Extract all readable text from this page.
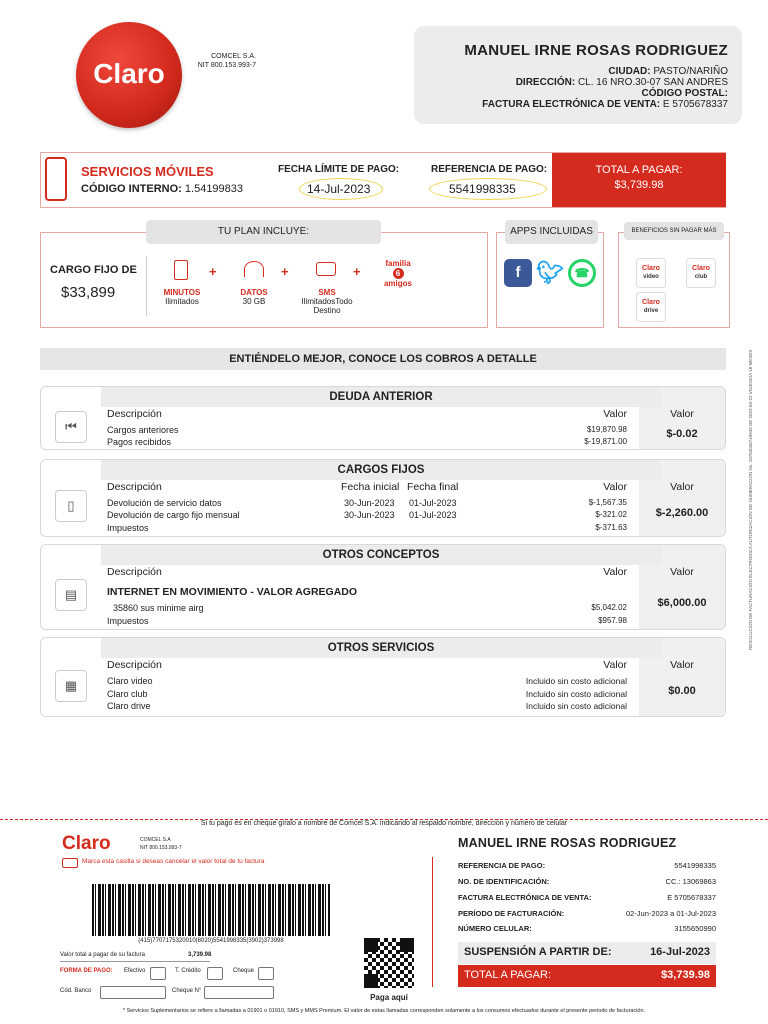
Claro
COMCEL S.A.
NIT 800.153.993-7
MANUEL IRNE ROSAS RODRIGUEZ
CIUDAD: PASTO/NARIÑO
DIRECCIÓN: CL. 16 NRO.30-07 SAN ANDRES
CÓDIGO POSTAL:
FACTURA ELECTRÓNICA DE VENTA: E 5705678337
SERVICIOS MÓVILES
CÓDIGO INTERNO: 1.54199833
FECHA LÍMITE DE PAGO:
14-Jul-2023
REFERENCIA DE PAGO:
5541998335
TOTAL A PAGAR:
$3,739.98
TU PLAN INCLUYE:
CARGO FIJO DE
$33,899	MINUTOS
Ilimitados
+
DATOS
30 GB
+
SMS
IlimitadosTodo Destino
+
familia
6
amigos
APPS INCLUIDAS
f 🐦︎ ☎
BENEFICIOS SIN PAGAR MÁS
Claro
video
Claro
club
Claro
drive
ENTIÉNDELO MEJOR, CONOCE LOS COBROS A DETALLE
DEUDA ANTERIOR
⏮
Descripción	Valor	Valor
Cargos anteriores	$19,870.98
Pagos recibidos	$-19,871.00
$-0.02
CARGOS FIJOS
▯
Descripción	Fecha inicial Fecha final	Valor	Valor
Devolución de servicio datos	30-Jun-2023 01-Jul-2023	$-1,567.35
Devolución de cargo fijo mensual	30-Jun-2023 01-Jul-2023	$-321.02
Impuestos	$-371.63
$-2,260.00
OTROS CONCEPTOS
▤
Descripción	Valor	Valor
INTERNET EN MOVIMIENTO - VALOR AGREGADO
35860 sus minime airg	$5,042.02
Impuestos	$957.98
$6,000.00
OTROS SERVICIOS
▦
Descripción	Valor	Valor
Claro video	Incluido sin costo adicional
Claro club	Incluido sin costo adicional
Claro drive	Incluido sin costo adicional
$0.00
RESOLUCIÓN DE FACTURACIÓN ELECTRÓNICA AUTORIZACIÓN DE NUMERACIÓN No. 18764046749949 DE 2023-03-23 VIGENCIA 18 MESES
Si tu pago es en cheque gíralo a nombre de Comcel S.A. indicando al respaldo nombre, dirección y número de celular
Claro	COMCEL S.A
NIT 800.153.993-7
Marca esta casilla si deseas cancelar el valor total de tu factura
(415)7707175320010(8020)5541998335(3902)373998
Valor total a pagar de su factura	3,739.98
FORMA DE PAGO: Efectivo	T. Crédito	Cheque
Cód. Banco	Cheque N°
Paga aquí
MANUEL IRNE ROSAS RODRIGUEZ
REFERENCIA DE PAGO:	5541998335
NO. DE IDENTIFICACIÓN:	CC.: 13069863
FACTURA ELECTRÓNICA DE VENTA:	E 5705678337
PERÍODO DE FACTURACIÓN:	02-Jun-2023 a 01-Jul-2023
NÚMERO CELULAR:	3155650990
SUSPENSIÓN A PARTIR DE:	16-Jul-2023
TOTAL A PAGAR:	$3,739.98
* Servicios Suplementarios se refiere a llamadas a 01901 o 01910, SMS y MMS Premium. El valor de estas llamadas corresponden solamente a los consumos efectuados durante el presente periodo de facturación.
